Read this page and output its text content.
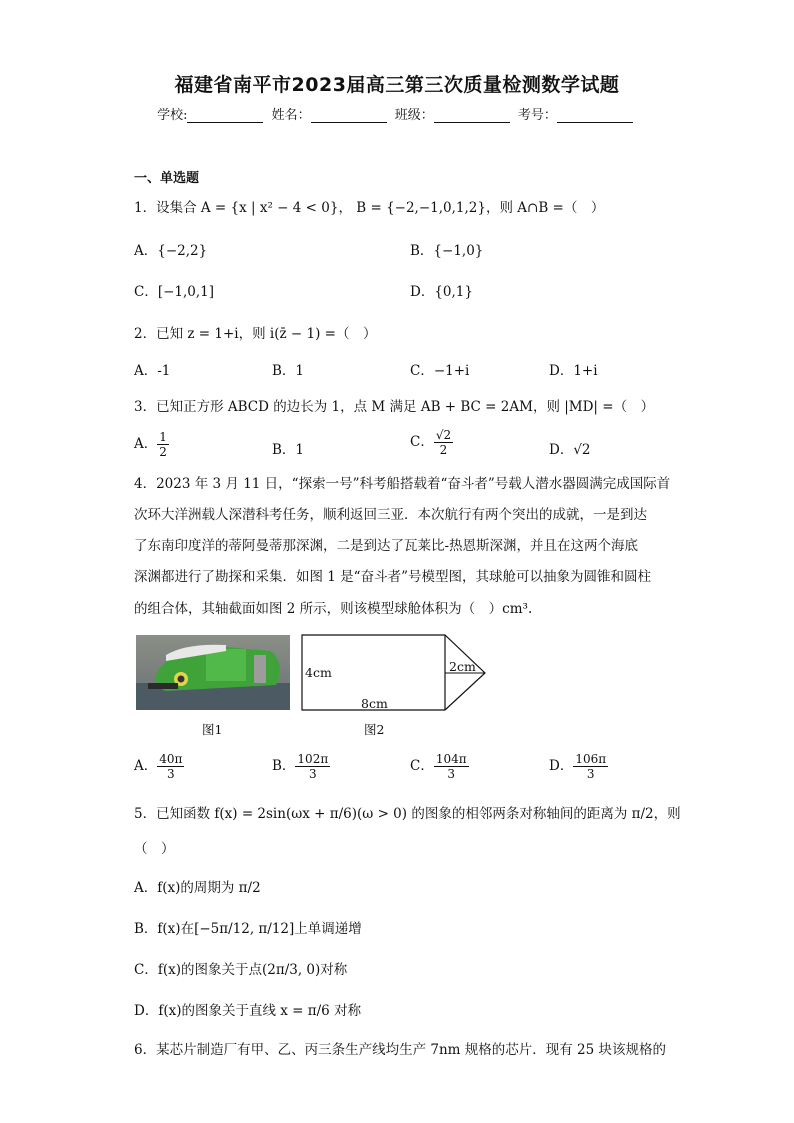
福建省南平市2023届高三第三次质量检测数学试题
学校:	姓名：	班级：	考号：
一、单选题
1．设集合 A = {x | x² − 4 < 0}， B = {−2,−1,0,1,2}，则 A∩B =（　）
A．{−2,2}	B．{−1,0}
C．[−1,0,1]	D．{0,1}
2．已知 z = 1+i，则 i(z̄ − 1) =（　）
A．-1	B．1	C．−1+i	D．1+i
3．已知正方形 ABCD 的边长为 1，点 M 满足 AB + BC = 2AM，则 |MD| =（　）
A． $\frac{1}{2}$	B．1	C． $\frac{√2}{2}$	D．√2
4．2023 年 3 月 11 日，“探索一号”科考船搭载着“奋斗者”号载人潜水器圆满完成国际首
次环大洋洲载人深潜科考任务，顺利返回三亚．本次航行有两个突出的成就，一是到达
了东南印度洋的蒂阿曼蒂那深渊，二是到达了瓦莱比-热恩斯深渊，并且在这两个海底
深渊都进行了勘探和采集．如图 1 是“奋斗者”号模型图，其球舱可以抽象为圆锥和圆柱
的组合体，其轴截面如图 2 所示，则该模型球舱体积为（　）cm³.
图1
4cm	2cm
8cm
图2
A． $\frac{40\pi}{3}$	B． $\frac{102\pi}{3}$	C． $\frac{104\pi}{3}$	D． $\frac{106\pi}{3}$
5．已知函数 f(x) = 2sin(ωx + π/6)(ω > 0) 的图象的相邻两条对称轴间的距离为 π/2，则
（　）
A．f(x)的周期为 π/2
B．f(x)在[−5π/12, π/12]上单调递增
C．f(x)的图象关于点(2π/3, 0)对称
D．f(x)的图象关于直线 x = π/6 对称
6．某芯片制造厂有甲、乙、丙三条生产线均生产 7nm 规格的芯片．现有 25 块该规格的
